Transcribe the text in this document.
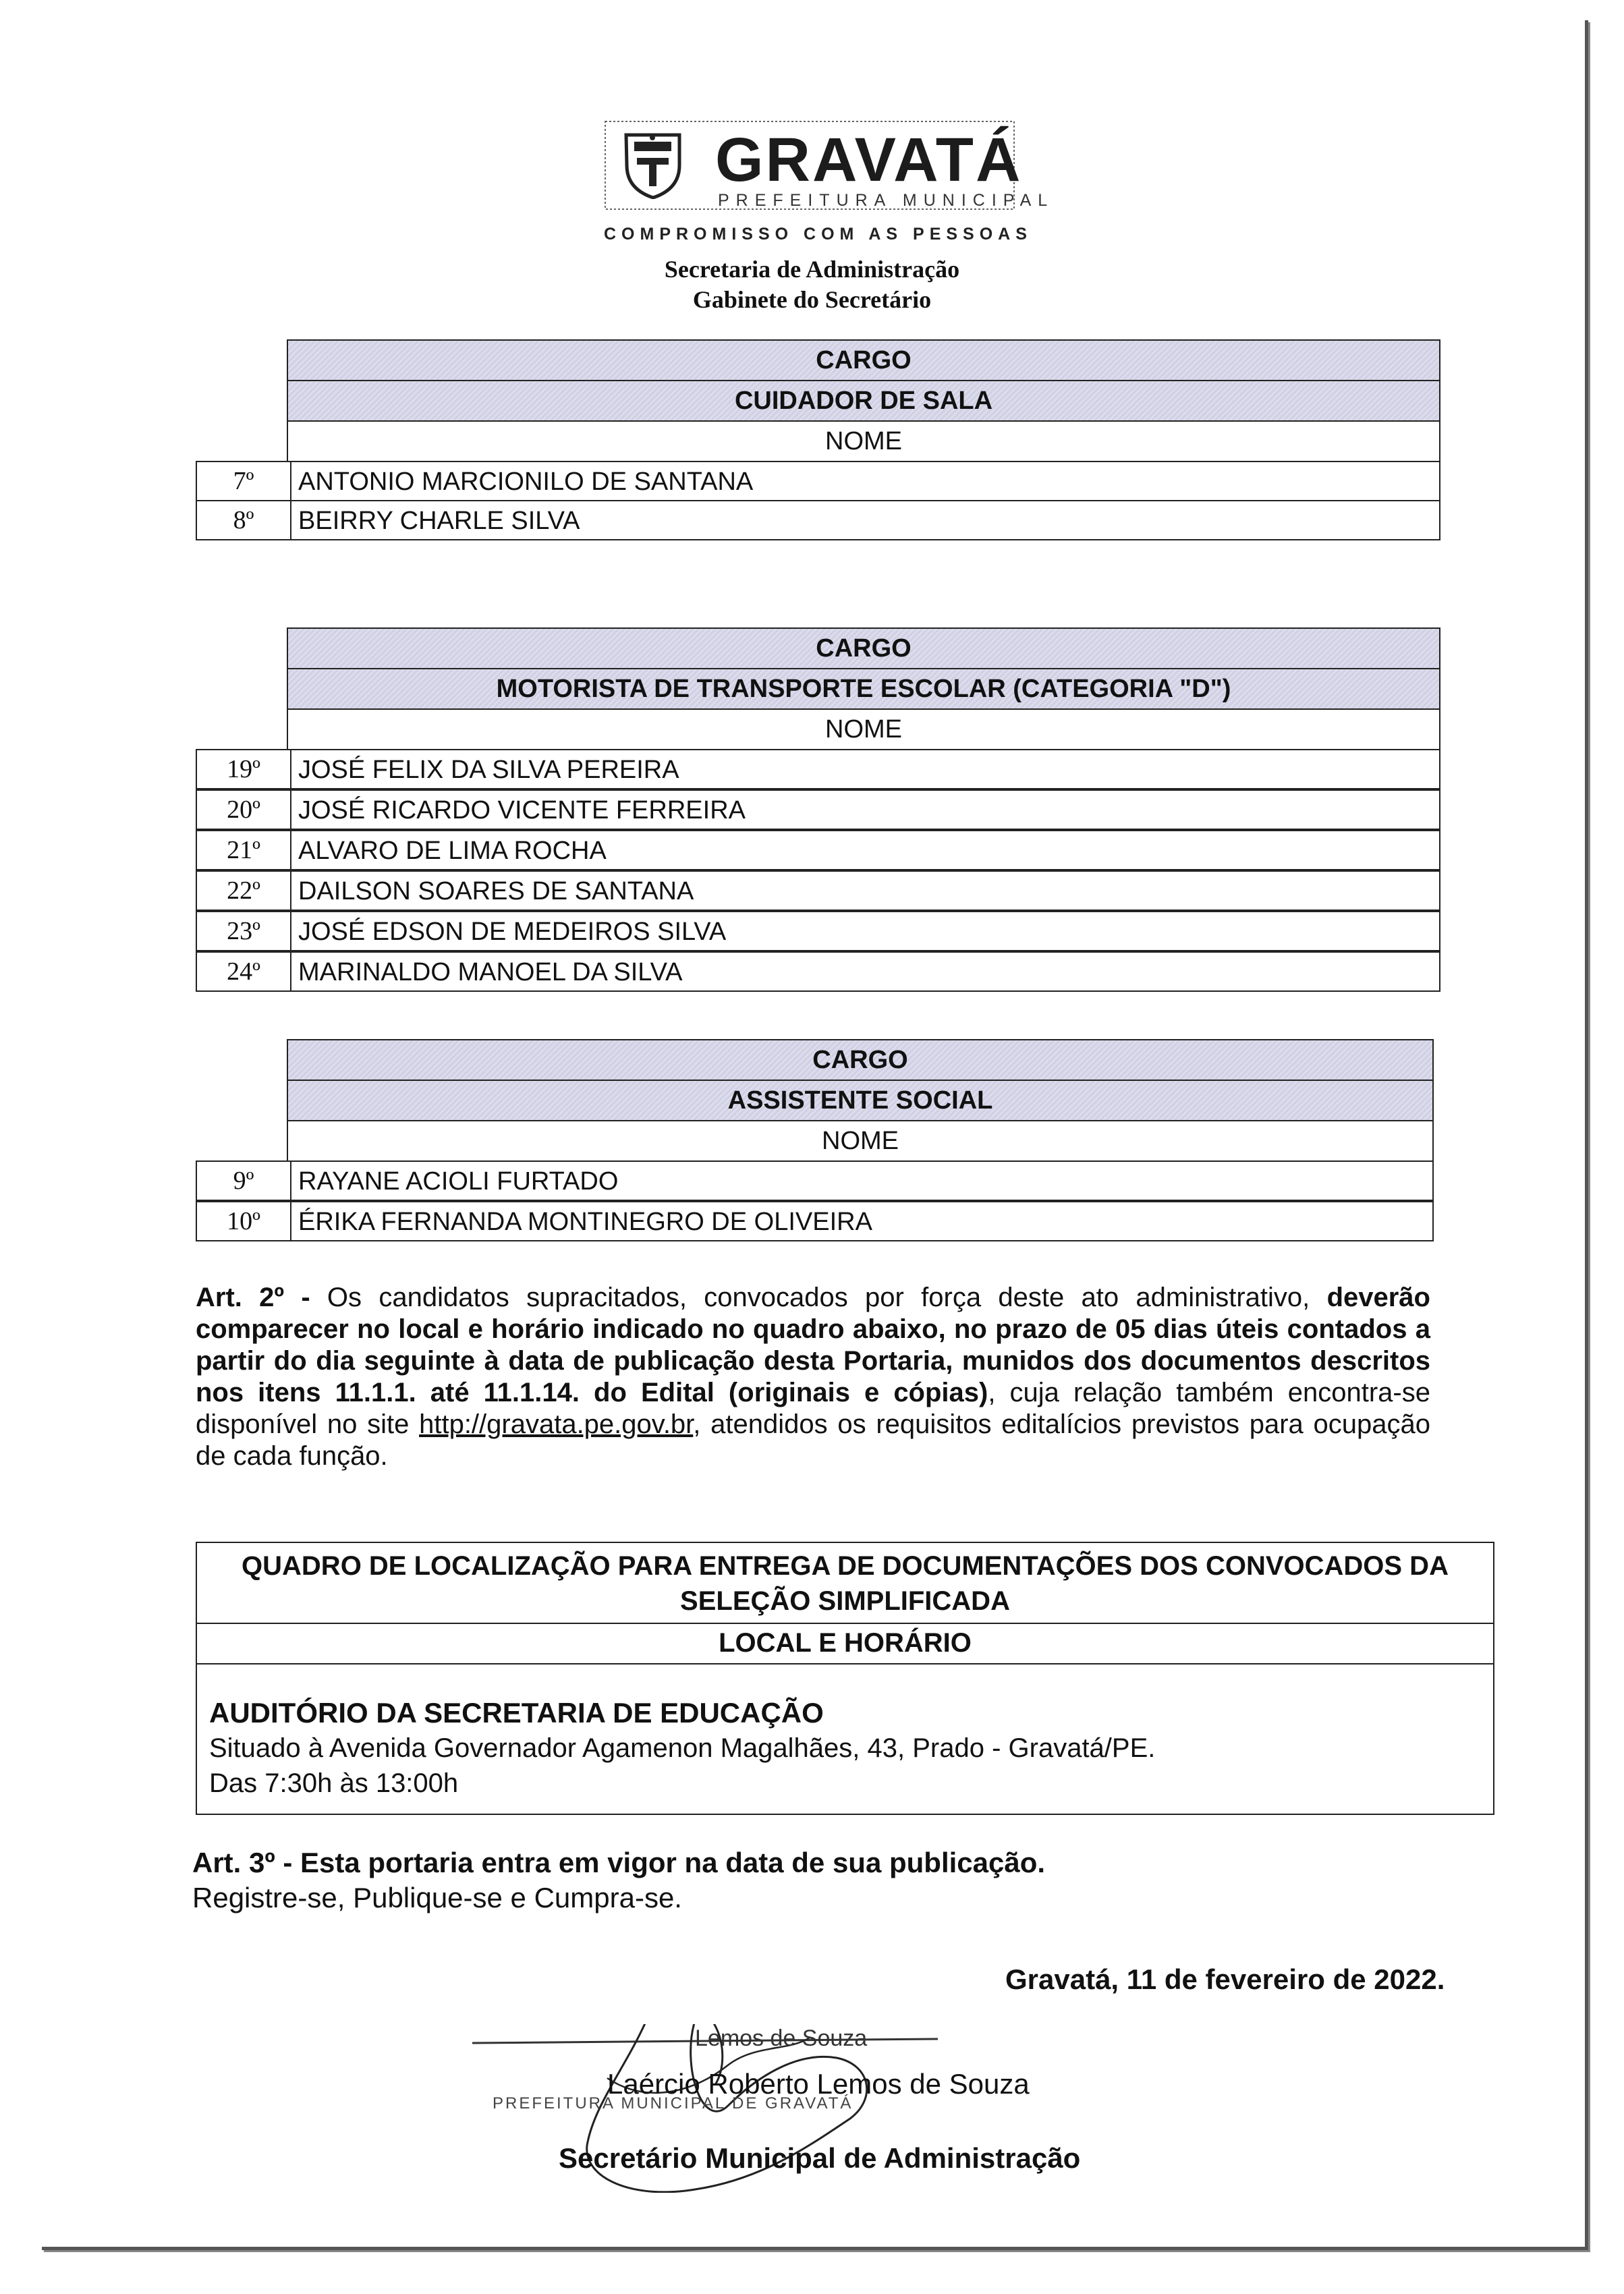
GRAVATÁ
PREFEITURA MUNICIPAL
COMPROMISSO COM AS PESSOAS
Secretaria de Administração
Gabinete do Secretário
CARGO
CUIDADOR DE SALA
NOME
7º	ANTONIO MARCIONILO DE SANTANA
8º	BEIRRY CHARLE SILVA
CARGO
MOTORISTA DE TRANSPORTE ESCOLAR (CATEGORIA "D")
NOME
19º	JOSÉ FELIX DA SILVA PEREIRA
20º	JOSÉ RICARDO VICENTE FERREIRA
21º	ALVARO DE LIMA ROCHA
22º	DAILSON SOARES DE SANTANA
23º	JOSÉ EDSON DE MEDEIROS SILVA
24º	MARINALDO MANOEL DA SILVA
CARGO
ASSISTENTE SOCIAL
NOME
9º	RAYANE ACIOLI FURTADO
10º	ÉRIKA FERNANDA MONTINEGRO DE OLIVEIRA
Art. 2º - Os candidatos supracitados, convocados por força deste ato administrativo, deverão comparecer no local e horário indicado no quadro abaixo, no prazo de 05 dias úteis contados a partir do dia seguinte à data de publicação desta Portaria, munidos dos documentos descritos nos itens 11.1.1. até 11.1.14. do Edital (originais e cópias), cuja relação também encontra-se disponível no site http://gravata.pe.gov.br, atendidos os requisitos editalícios previstos para ocupação de cada função.
QUADRO DE LOCALIZAÇÃO PARA ENTREGA DE DOCUMENTAÇÕES DOS CONVOCADOS DA SELEÇÃO SIMPLIFICADA
LOCAL E HORÁRIO
AUDITÓRIO DA SECRETARIA DE EDUCAÇÃO
Situado à Avenida Governador Agamenon Magalhães, 43, Prado - Gravatá/PE.
Das 7:30h às 13:00h
Art. 3º - Esta portaria entra em vigor na data de sua publicação.
Registre-se, Publique-se e Cumpra-se.
Gravatá, 11 de fevereiro de 2022.
Lemos de Souza
PREFEITURA MUNICIPAL DE GRAVATÁ
Laércio Roberto Lemos de Souza
Secretário Municipal de Administração
